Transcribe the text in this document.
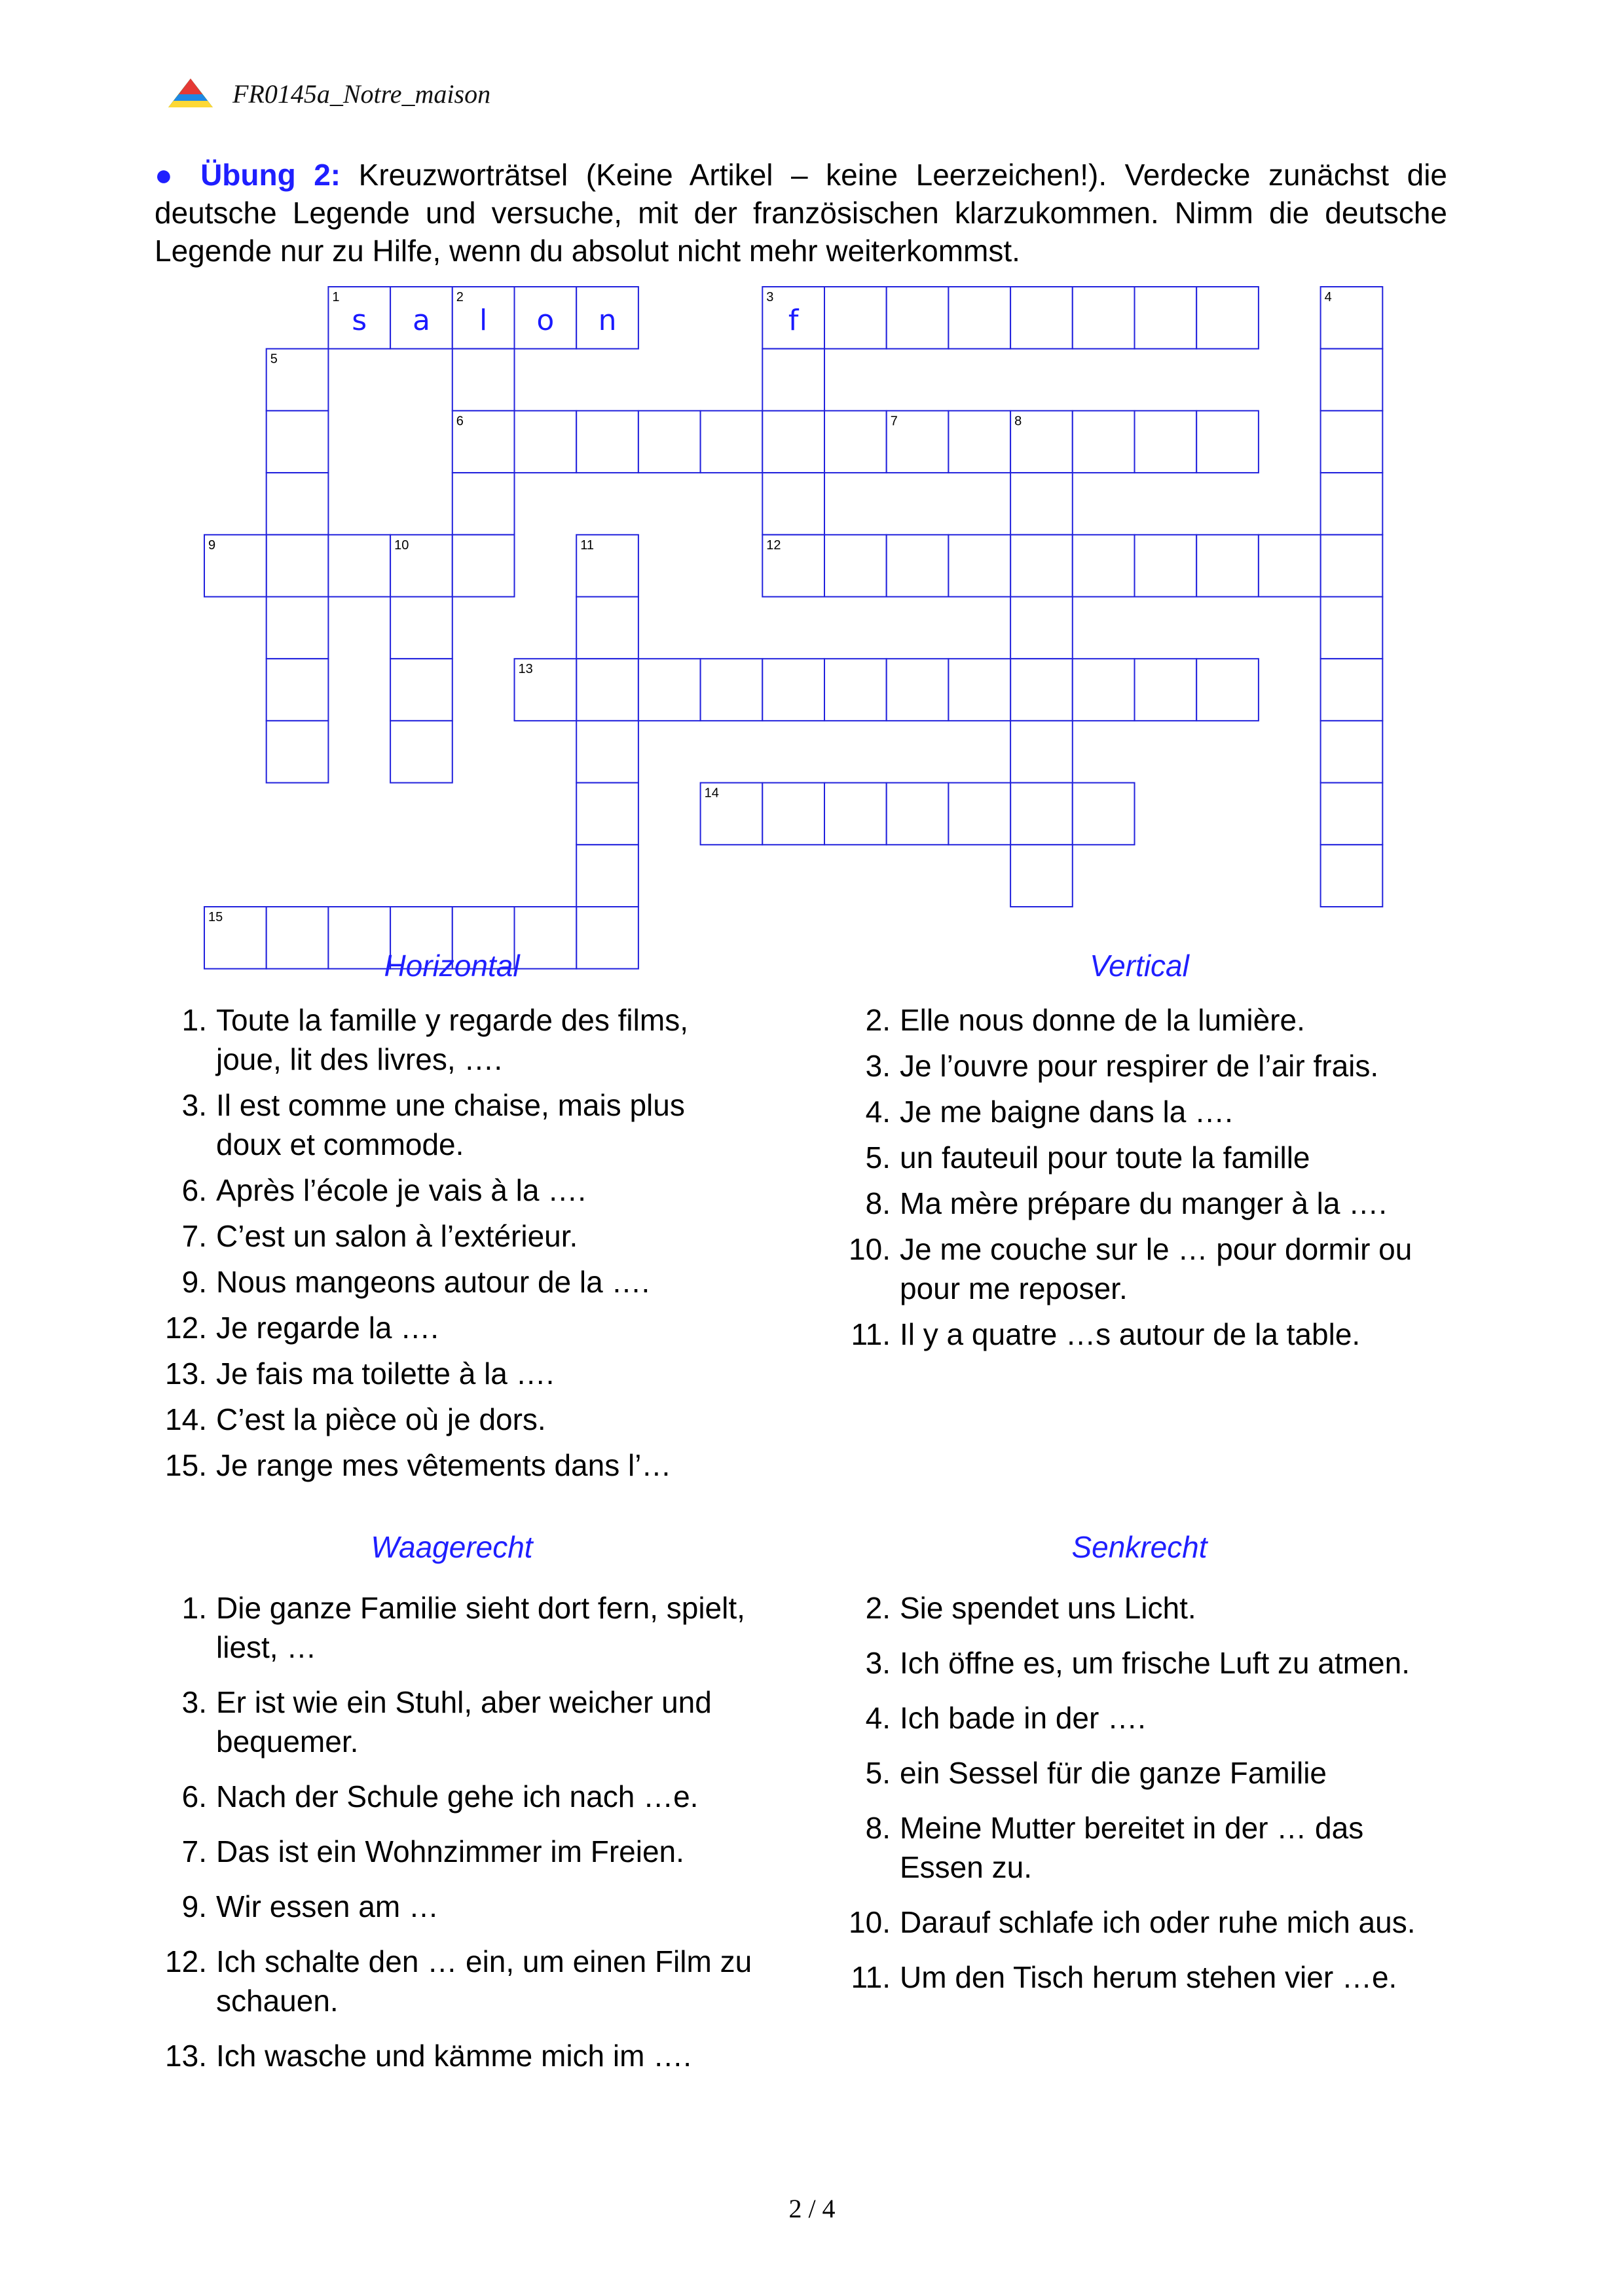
FR0145a_Notre_maison
● Übung 2: Kreuzworträtsel (Keine Artikel – keine Leerzeichen!). Verdecke zunächst die deutsche Legende und versuche, mit der französischen klarzukommen. Nimm die deutsche Legende nur zu Hilfe, wenn du absolut nicht mehr weiterkommst.
1	2	3	4
5
6	7	8
9	10	11	12
13
14
15
s a l o n	f
Horizontal	Vertical
1. Toute la famille y regarde des films, joue, lit des livres, ….
3. Il est comme une chaise, mais plus doux et commode.
6. Après l’école je vais à la ….
7. C’est un salon à l’extérieur.
9. Nous mangeons autour de la ….
12. Je regarde la ….
13. Je fais ma toilette à la ….
14. C’est la pièce où je dors.
15. Je range mes vêtements dans l’…
2. Elle nous donne de la lumière.
3. Je l’ouvre pour respirer de l’air frais.
4. Je me baigne dans la ….
5. un fauteuil pour toute la famille
8. Ma mère prépare du manger à la ….
10. Je me couche sur le … pour dormir ou pour me reposer.
11. Il y a quatre …s autour de la table.
Waagerecht	Senkrecht
1. Die ganze Familie sieht dort fern, spielt, liest, …
3. Er ist wie ein Stuhl, aber weicher und bequemer.
6. Nach der Schule gehe ich nach …e.
7. Das ist ein Wohnzimmer im Freien.
9. Wir essen am …
12. Ich schalte den … ein, um einen Film zu schauen.
13. Ich wasche und kämme mich im ….
2. Sie spendet uns Licht.
3. Ich öffne es, um frische Luft zu atmen.
4. Ich bade in der ….
5. ein Sessel für die ganze Familie
8. Meine Mutter bereitet in der … das Essen zu.
10. Darauf schlafe ich oder ruhe mich aus.
11. Um den Tisch herum stehen vier …e.
2 / 4
